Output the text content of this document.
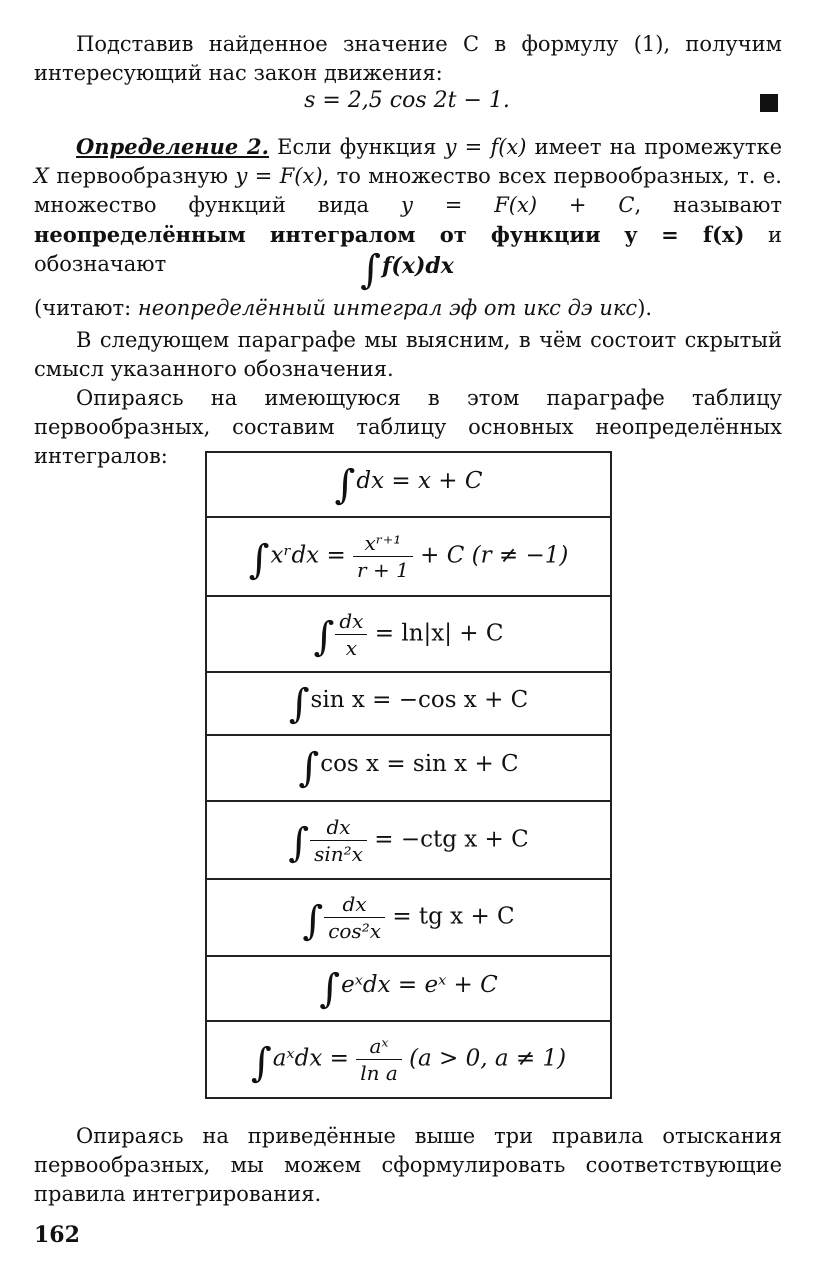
Подставив найденное значение C в формулу (1), получим интересующий нас закон движения:

s = 2,5 cos 2t − 1.

Определение 2. Если функция y = f(x) имеет на промежутке X первообразную y = F(x), то множество всех первообразных, т. е. множество функций вида y = F(x) + C, называют неопределённым интегралом от функции y = f(x) и обозначают	∫f(x)dx

(читают: неопределённый интеграл эф от икс дэ икс).

В следующем параграфе мы выясним, в чём состоит скрытый смысл указанного обозначения.

Опираясь на имеющуюся в этом параграфе таблицу первообразных, составим таблицу основных неопределённых интегралов:

∫dx = x + C
∫xʳdx = $\frac{\text{xʳ⁺¹}}{r + 1} + C$ (r ≠ −1)
∫ $\frac{dx}{x} = \ln|x| + C$
∫sin x = −cos x + C
∫cos x = sin x + C
∫ $\frac{dx}{\text{sin²x}} = -ctg$ x + C
∫ $\frac{dx}{\text{cos²x}}$ = tg x + C
∫eˣdx = eˣ + C
∫aˣdx = $\frac{\text{aˣ}}{\text{ln a}} (a > 0$, a ≠ 1)

Опираясь на приведённые выше три правила отыскания первообразных, мы можем сформулировать соответствующие правила интегрирования.

162
